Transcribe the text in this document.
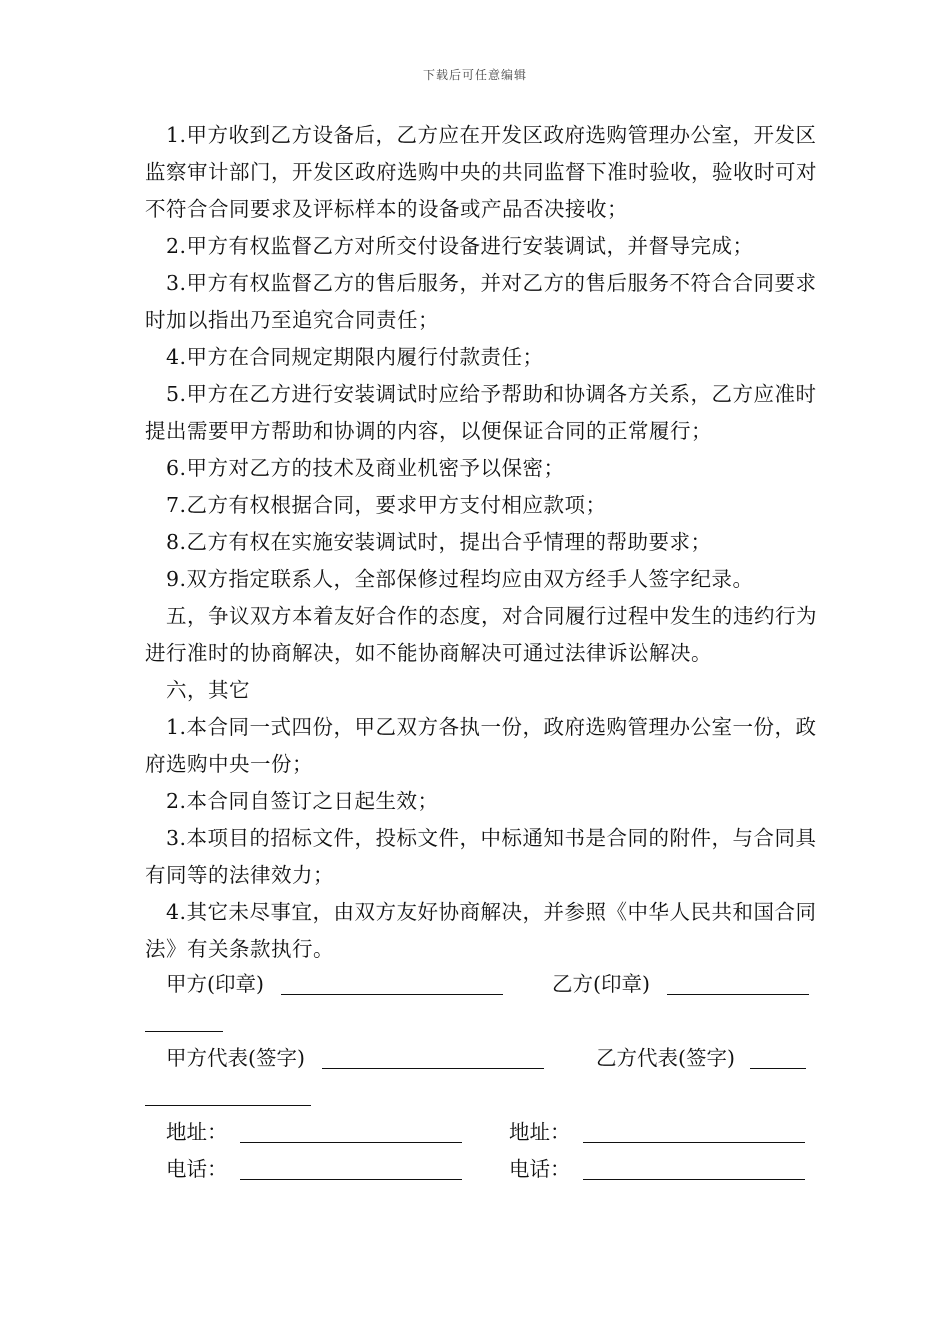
下载后可任意编辑

1.甲方收到乙方设备后，乙方应在开发区政府选购管理办公室，开发区监察审计部门，开发区政府选购中央的共同监督下准时验收，验收时可对不符合合同要求及评标样本的设备或产品否决接收；

2.甲方有权监督乙方对所交付设备进行安装调试，并督导完成；

3.甲方有权监督乙方的售后服务，并对乙方的售后服务不符合合同要求时加以指出乃至追究合同责任；

4.甲方在合同规定期限内履行付款责任；

5.甲方在乙方进行安装调试时应给予帮助和协调各方关系，乙方应准时提出需要甲方帮助和协调的内容，以便保证合同的正常履行；

6.甲方对乙方的技术及商业机密予以保密；

7.乙方有权根据合同，要求甲方支付相应款项；

8.乙方有权在实施安装调试时，提出合乎情理的帮助要求；

9.双方指定联系人，全部保修过程均应由双方经手人签字纪录。

五，争议双方本着友好合作的态度，对合同履行过程中发生的违约行为进行准时的协商解决，如不能协商解决可通过法律诉讼解决。

六，其它

1.本合同一式四份，甲乙双方各执一份，政府选购管理办公室一份，政府选购中央一份；

2.本合同自签订之日起生效；

3.本项目的招标文件，投标文件，中标通知书是合同的附件，与合同具有同等的法律效力；

4.其它未尽事宜，由双方友好协商解决，并参照《中华人民共和国合同法》有关条款执行。

甲方(印章)	乙方(印章)
甲方代表(签字)	乙方代表(签字)
地址：	地址：
电话：	电话：
